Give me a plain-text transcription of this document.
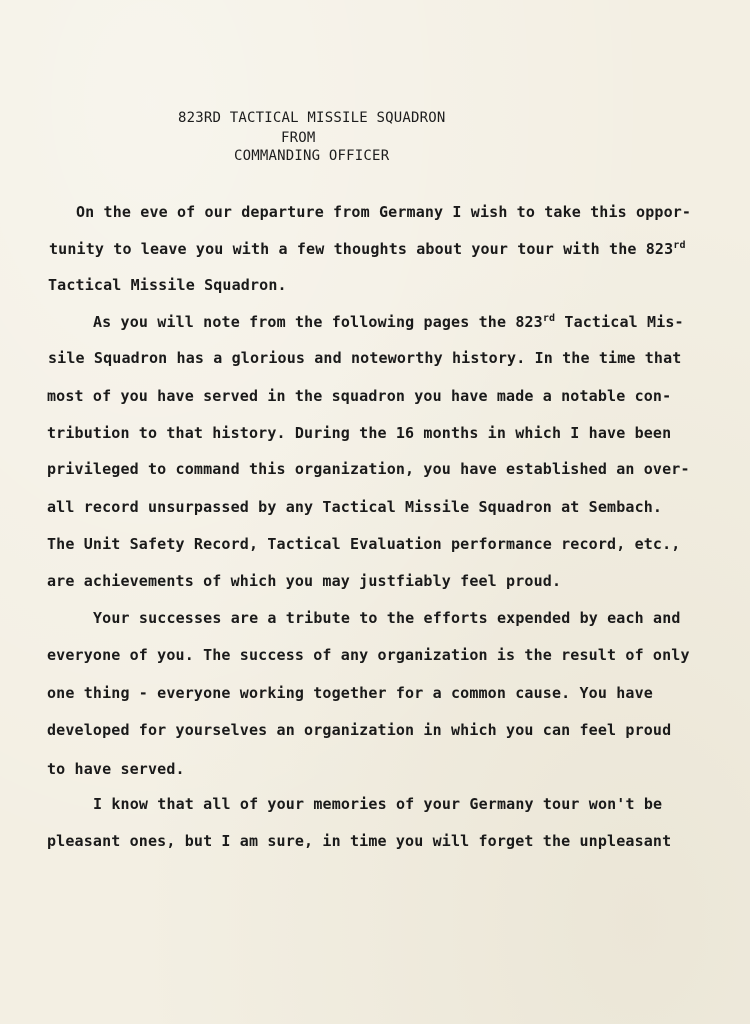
823RD TACTICAL MISSILE SQUADRON
FROM
COMMANDING OFFICER
On the eve of our departure from Germany I wish to take this oppor-
tunity to leave you with a few thoughts about your tour with the 823rd
Tactical Missile Squadron.
As you will note from the following pages the 823rd Tactical Mis-
sile Squadron has a glorious and noteworthy history. In the time that
most of you have served in the squadron you have made a notable con-
tribution to that history. During the 16 months in which I have been
privileged to command this organization, you have established an over-
all record unsurpassed by any Tactical Missile Squadron at Sembach.
The Unit Safety Record, Tactical Evaluation performance record, etc.,
are achievements of which you may justfiably feel proud.
Your successes are a tribute to the efforts expended by each and
everyone of you. The success of any organization is the result of only
one thing - everyone working together for a common cause. You have
developed for yourselves an organization in which you can feel proud
to have served.
I know that all of your memories of your Germany tour won't be
pleasant ones, but I am sure, in time you will forget the unpleasant
